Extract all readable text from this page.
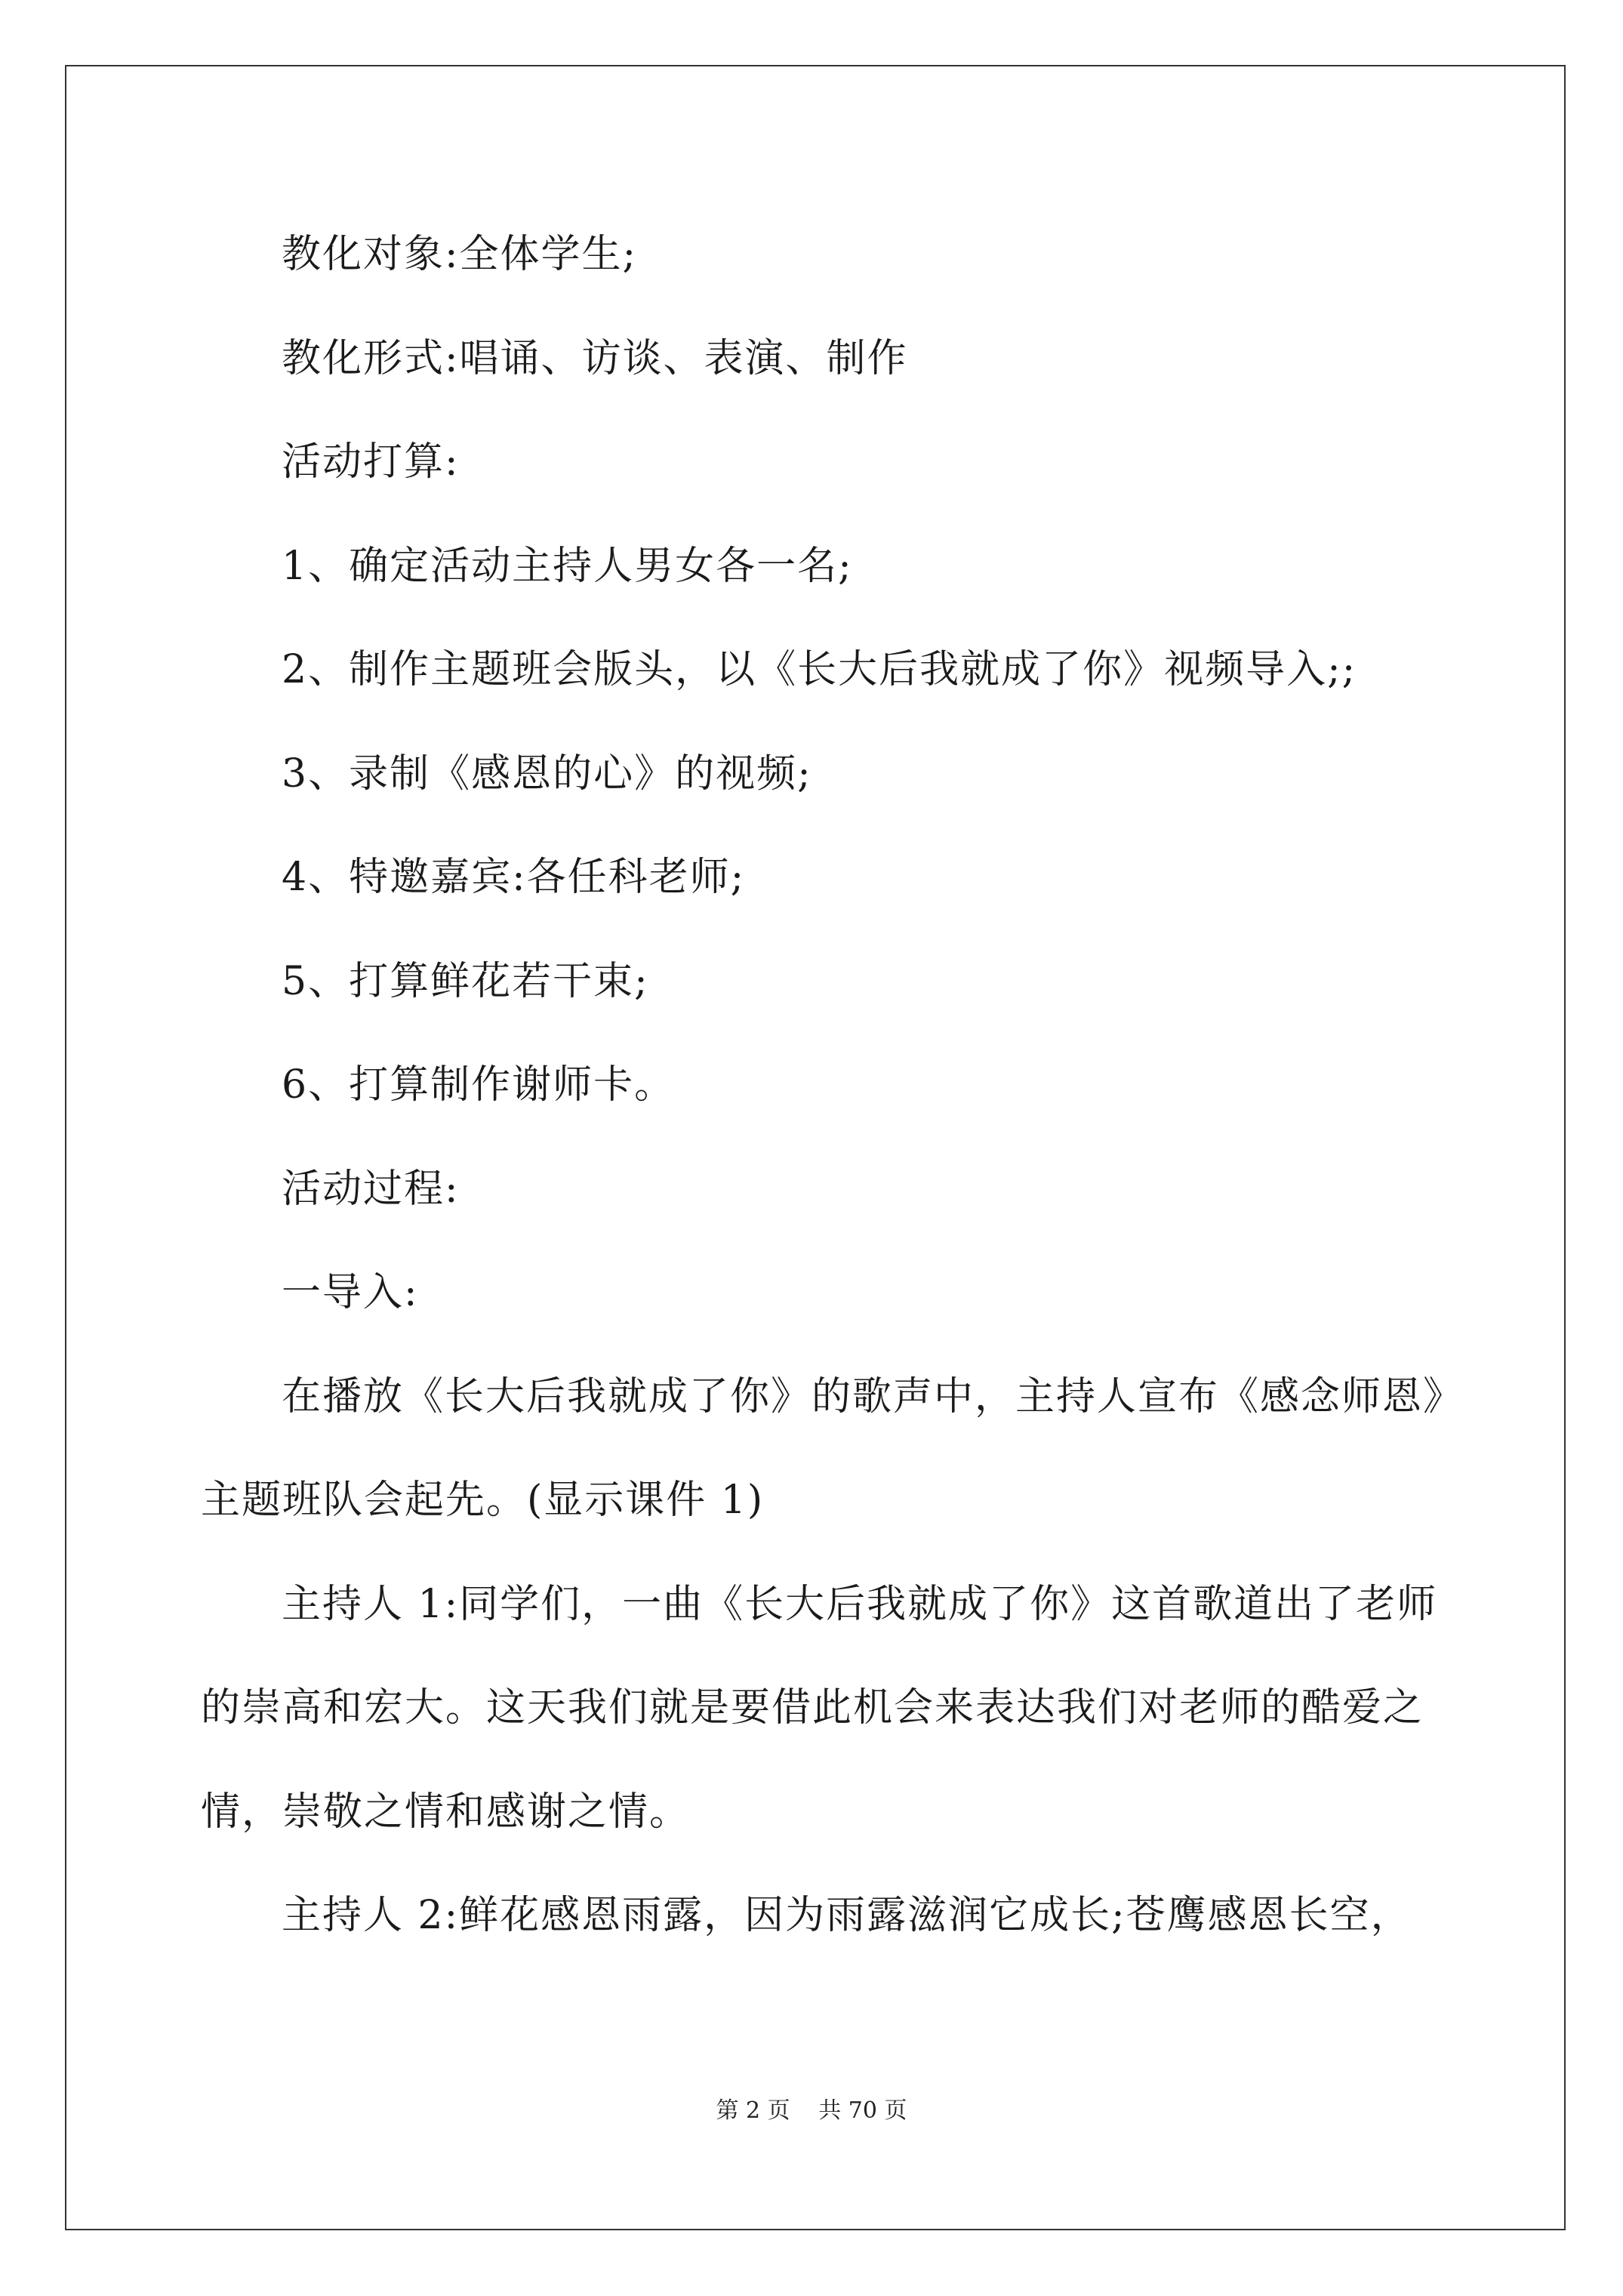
教化对象:全体学生;
教化形式:唱诵、访谈、表演、制作
活动打算:
1、确定活动主持人男女各一名;
2、制作主题班会版头，以《长大后我就成了你》视频导入;;
3、录制《感恩的心》的视频;
4、特邀嘉宾:各任科老师;
5、打算鲜花若干束;
6、打算制作谢师卡。
活动过程:
一导入:
在播放《长大后我就成了你》的歌声中，主持人宣布《感念师恩》
主题班队会起先。(显示课件 1)
主持人 1:同学们，一曲《长大后我就成了你》这首歌道出了老师
的崇高和宏大。这天我们就是要借此机会来表达我们对老师的酷爱之
情，崇敬之情和感谢之情。
主持人 2:鲜花感恩雨露，因为雨露滋润它成长;苍鹰感恩长空，
第 2 页 共 70 页
